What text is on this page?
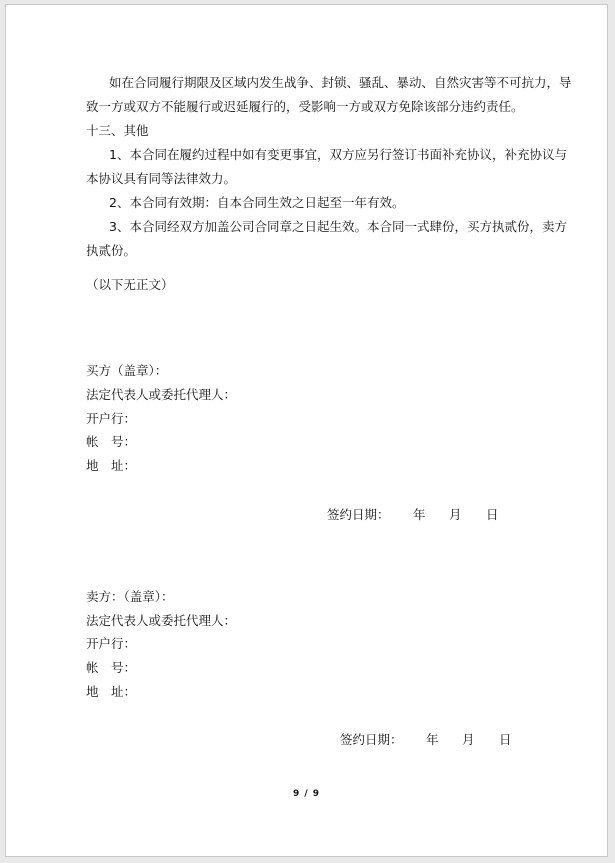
如在合同履行期限及区域内发生战争、封锁、骚乱、暴动、自然灾害等不可抗力，导
致一方或双方不能履行或迟延履行的，受影响一方或双方免除该部分违约责任。
十三、其他
1、本合同在履约过程中如有变更事宜，双方应另行签订书面补充协议，补充协议与
本协议具有同等法律效力。
2、本合同有效期：自本合同生效之日起至一年有效。
3、本合同经双方加盖公司合同章之日起生效。本合同一式肆份，买方执贰份，卖方
执贰份。
（以下无正文）
买方（盖章）：
法定代表人或委托代理人：
开户行：
帐　号：
地　址：
签约日期： 年 月 日
卖方：（盖章）：
法定代表人或委托代理人：
开户行：
帐　号：
地　址：
签约日期： 年 月 日
9 / 9
